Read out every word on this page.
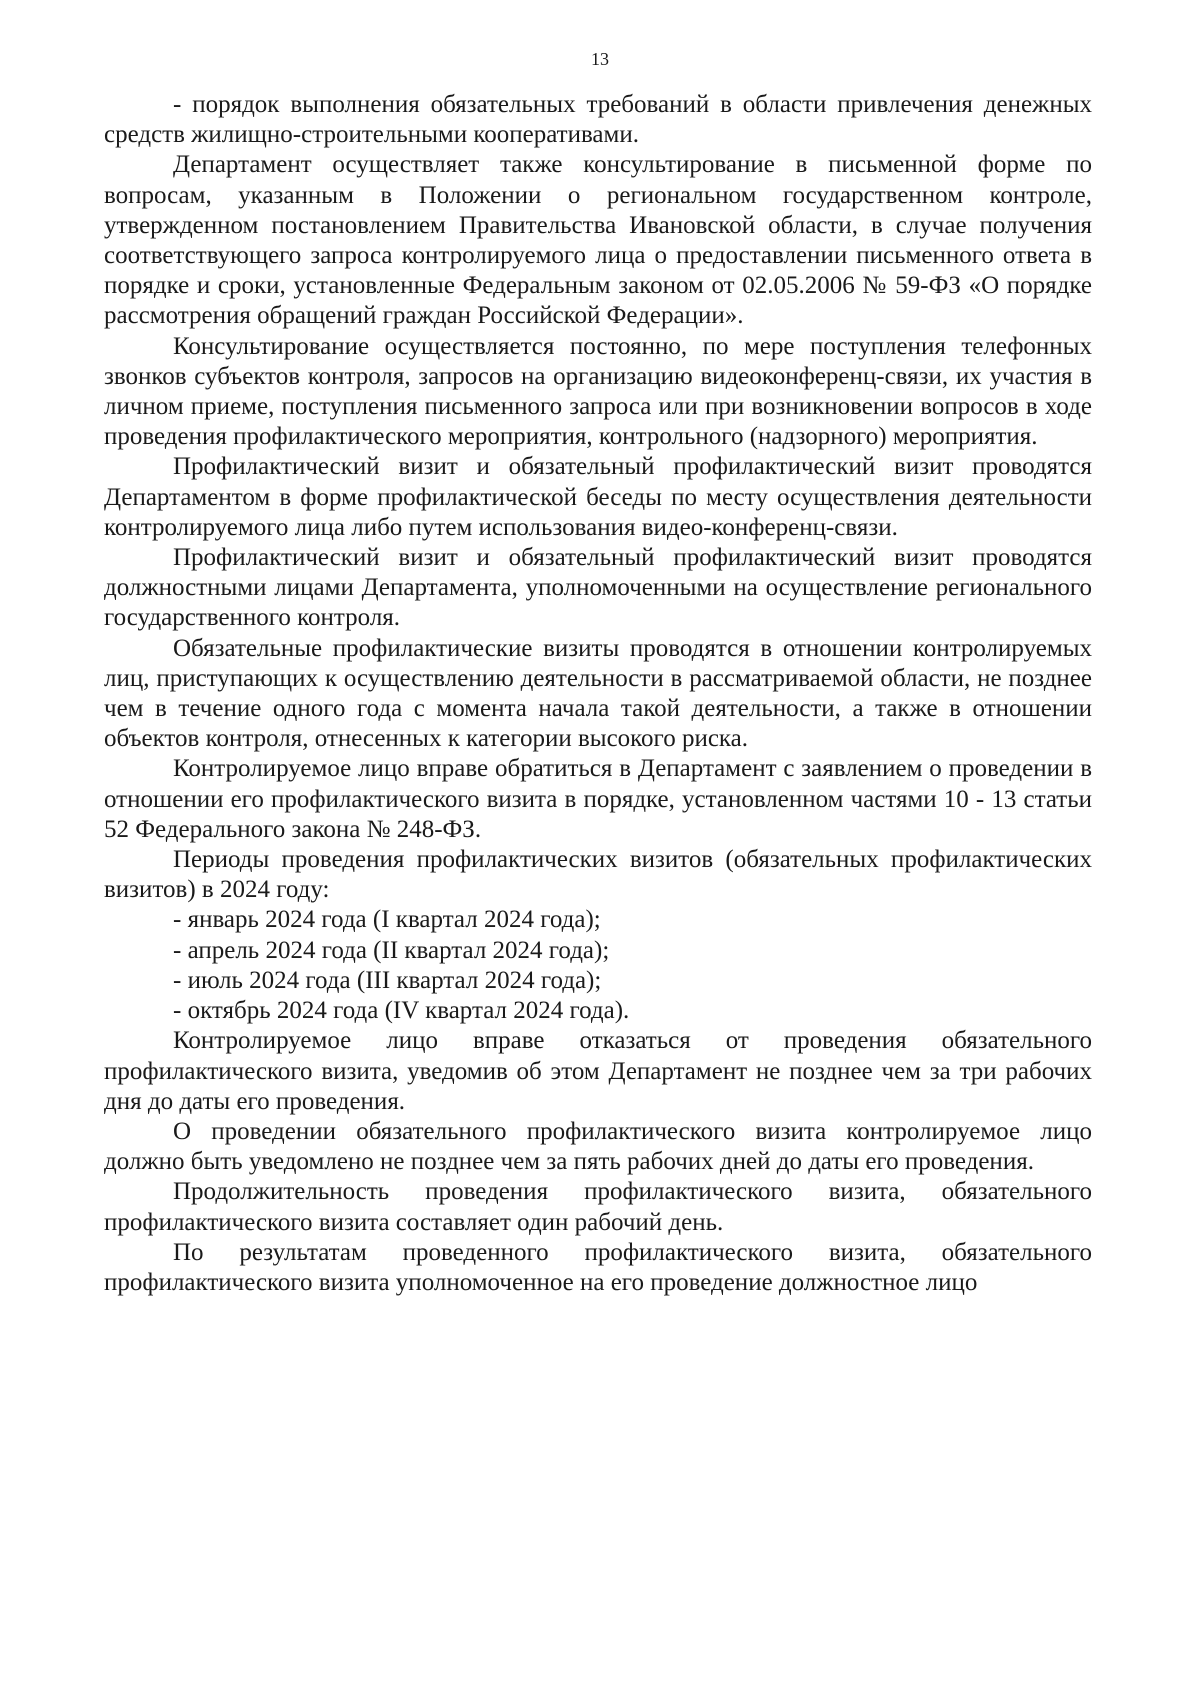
13

- порядок выполнения обязательных требований в области привлечения денежных средств жилищно-строительными кооперативами.

Департамент осуществляет также консультирование в письменной форме по вопросам, указанным в Положении о региональном государственном контроле, утвержденном постановлением Правительства Ивановской области, в случае получения соответствующего запроса контролируемого лица о предоставлении письменного ответа в порядке и сроки, установленные Федеральным законом от 02.05.2006 № 59-ФЗ «О порядке рассмотрения обращений граждан Российской Федерации».

Консультирование осуществляется постоянно, по мере поступления телефонных звонков субъектов контроля, запросов на организацию видеоконференц-связи, их участия в личном приеме, поступления письменного запроса или при возникновении вопросов в ходе проведения профилактического мероприятия, контрольного (надзорного) мероприятия.

Профилактический визит и обязательный профилактический визит проводятся Департаментом в форме профилактической беседы по месту осуществления деятельности контролируемого лица либо путем использования видео-конференц-связи.

Профилактический визит и обязательный профилактический визит проводятся должностными лицами Департамента, уполномоченными на осуществление регионального государственного контроля.

Обязательные профилактические визиты проводятся в отношении контролируемых лиц, приступающих к осуществлению деятельности в рассматриваемой области, не позднее чем в течение одного года с момента начала такой деятельности, а также в отношении объектов контроля, отнесенных к категории высокого риска.

Контролируемое лицо вправе обратиться в Департамент с заявлением о проведении в отношении его профилактического визита в порядке, установленном частями 10 - 13 статьи 52 Федерального закона № 248-ФЗ.

Периоды проведения профилактических визитов (обязательных профилактических визитов) в 2024 году:

- январь 2024 года (I квартал 2024 года);

- апрель 2024 года (II квартал 2024 года);

- июль 2024 года (III квартал 2024 года);

- октябрь 2024 года (IV квартал 2024 года).

Контролируемое лицо вправе отказаться от проведения обязательного профилактического визита, уведомив об этом Департамент не позднее чем за три рабочих дня до даты его проведения.

О проведении обязательного профилактического визита контролируемое лицо должно быть уведомлено не позднее чем за пять рабочих дней до даты его проведения.

Продолжительность проведения профилактического визита, обязательного профилактического визита составляет один рабочий день.

По результатам проведенного профилактического визита, обязательного профилактического визита уполномоченное на его проведение должностное лицо
